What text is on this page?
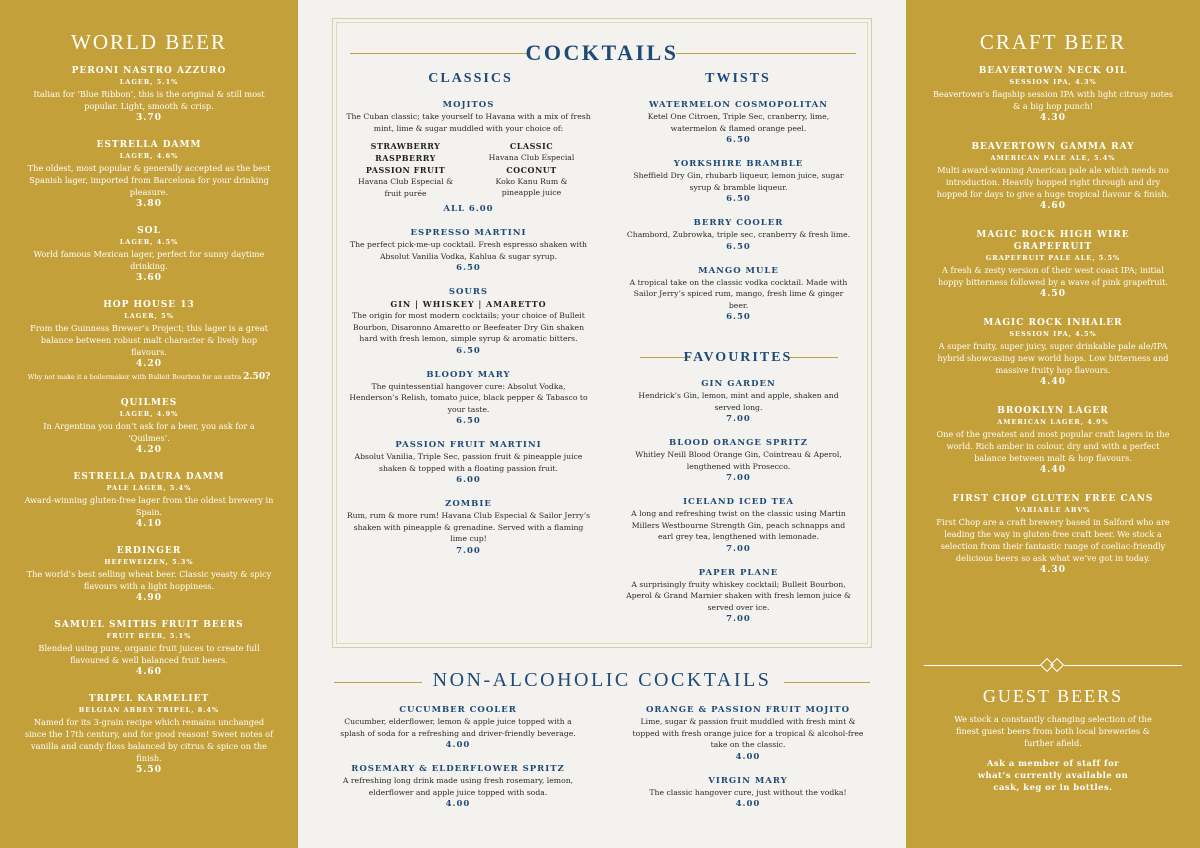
WORLD BEER
PERONI NASTRO AZZURO
LAGER, 5.1%
Italian for ‘Blue Ribbon’, this is the original & still most popular. Light, smooth & crisp.
3.70
ESTRELLA DAMM
LAGER, 4.6%
The oldest, most popular & generally accepted as the best Spanish lager, imported from Barcelona for your drinking pleasure.
3.80
SOL
LAGER, 4.5%
World famous Mexican lager, perfect for sunny daytime drinking.
3.60
HOP HOUSE 13
LAGER, 5%
From the Guinness Brewer’s Project; this lager is a great balance between robust malt character & lively hop flavours.
4.20
Why not make it a boilermaker with Bulleit Bourbon for an extra 2.50?
QUILMES
LAGER, 4.9%
In Argentina you don’t ask for a beer, you ask for a ‘Quilmes’.
4.20
ESTRELLA DAURA DAMM
PALE LAGER, 5.4%
Award-winning gluten-free lager from the oldest brewery in Spain.
4.10
ERDINGER
HEFEWEIZEN, 5.3%
The world’s best selling wheat beer. Classic yeasty & spicy flavours with a light hoppiness.
4.90
SAMUEL SMITHS FRUIT BEERS
FRUIT BEER, 5.1%
Blended using pure, organic fruit juices to create full flavoured & well balanced fruit beers.
4.60
TRIPEL KARMELIET
BELGIAN ABBEY TRIPEL, 8.4%
Named for its 3-grain recipe which remains unchanged since the 17th century, and for good reason! Sweet notes of vanilla and candy floss balanced by citrus & spice on the finish.
5.50
COCKTAILS
CLASSICS	TWISTS
MOJITOS
The Cuban classic; take yourself to Havana with a mix of fresh mint, lime & sugar muddled with your choice of:
STRAWBERRY
RASPBERRY
PASSION FRUIT
Havana Club Especial & fruit purée
CLASSIC
Havana Club Especial
COCONUT
Koko Kanu Rum & pineapple juice
ALL 6.00
ESPRESSO MARTINI
The perfect pick-me-up cocktail. Fresh espresso shaken with Absolut Vanilia Vodka, Kahlua & sugar syrup.
6.50
SOURS
GIN | WHISKEY | AMARETTO
The origin for most modern cocktails; your choice of Bulleit Bourbon, Disaronno Amaretto or Beefeater Dry Gin shaken hard with fresh lemon, simple syrup & aromatic bitters.
6.50
BLOODY MARY
The quintessential hangover cure: Absolut Vodka, Henderson’s Relish, tomato juice, black pepper & Tabasco to your taste.
6.50
PASSION FRUIT MARTINI
Absolut Vanilia, Triple Sec, passion fruit & pineapple juice shaken & topped with a floating passion fruit.
6.00
ZOMBIE
Rum, rum & more rum! Havana Club Especial & Sailor Jerry’s shaken with pineapple & grenadine. Served with a flaming lime cup!
7.00
WATERMELON COSMOPOLITAN
Ketel One Citroen, Triple Sec, cranberry, lime, watermelon & flamed orange peel.
6.50
YORKSHIRE BRAMBLE
Sheffield Dry Gin, rhubarb liqueur, lemon juice, sugar syrup & bramble liqueur.
6.50
BERRY COOLER
Chambord, Zubrowka, triple sec, cranberry & fresh lime.
6.50
MANGO MULE
A tropical take on the classic vodka cocktail. Made with Sailor Jerry’s spiced rum, mango, fresh lime & ginger beer.
6.50
FAVOURITES
GIN GARDEN
Hendrick’s Gin, lemon, mint and apple, shaken and served long.
7.00
BLOOD ORANGE SPRITZ
Whitley Neill Blood Orange Gin, Cointreau & Aperol, lengthened with Prosecco.
7.00
ICELAND ICED TEA
A long and refreshing twist on the classic using Martin Millers Westbourne Strength Gin, peach schnapps and earl grey tea, lengthened with lemonade.
7.00
PAPER PLANE
A surprisingly fruity whiskey cocktail; Bulleit Bourbon, Aperol & Grand Marnier shaken with fresh lemon juice & served over ice.
7.00
NON-ALCOHOLIC COCKTAILS
CUCUMBER COOLER
Cucumber, elderflower, lemon & apple juice topped with a splash of soda for a refreshing and driver-friendly beverage.
4.00
ROSEMARY & ELDERFLOWER SPRITZ
A refreshing long drink made using fresh rosemary, lemon, elderflower and apple juice topped with soda.
4.00
ORANGE & PASSION FRUIT MOJITO
Lime, sugar & passion fruit muddled with fresh mint & topped with fresh orange juice for a tropical & alcohol-free take on the classic.
4.00
VIRGIN MARY
The classic hangover cure, just without the vodka!
4.00
CRAFT BEER
BEAVERTOWN NECK OIL
SESSION IPA, 4.3%
Beavertown’s flagship session IPA with light citrusy notes & a big hop punch!
4.30
BEAVERTOWN GAMMA RAY
AMERICAN PALE ALE, 5.4%
Multi award-winning American pale ale which needs no introduction. Heavily hopped right through and dry hopped for days to give a huge tropical flavour & finish.
4.60
MAGIC ROCK HIGH WIRE GRAPEFRUIT
GRAPEFRUIT PALE ALE, 5.5%
A fresh & zesty version of their west coast IPA; initial hoppy bitterness followed by a wave of pink grapefruit.
4.50
MAGIC ROCK INHALER
SESSION IPA, 4.5%
A super fruity, super juicy, super drinkable pale ale/IPA hybrid showcasing new world hops. Low bitterness and massive fruity hop flavours.
4.40
BROOKLYN LAGER
AMERICAN LAGER, 4.9%
One of the greatest and most popular craft lagers in the world. Rich amber in colour, dry and with a perfect balance between malt & hop flavours.
4.40
FIRST CHOP GLUTEN FREE CANS
VARIABLE ABV%
First Chop are a craft brewery based in Salford who are leading the way in gluten-free craft beer. We stock a selection from their fantastic range of coeliac-friendly delicious beers so ask what we’ve got in today.
4.30
GUEST BEERS
We stock a constantly changing selection of the finest guest beers from both local breweries & further afield.
Ask a member of staff for what’s currently available on cask, keg or in bottles.
